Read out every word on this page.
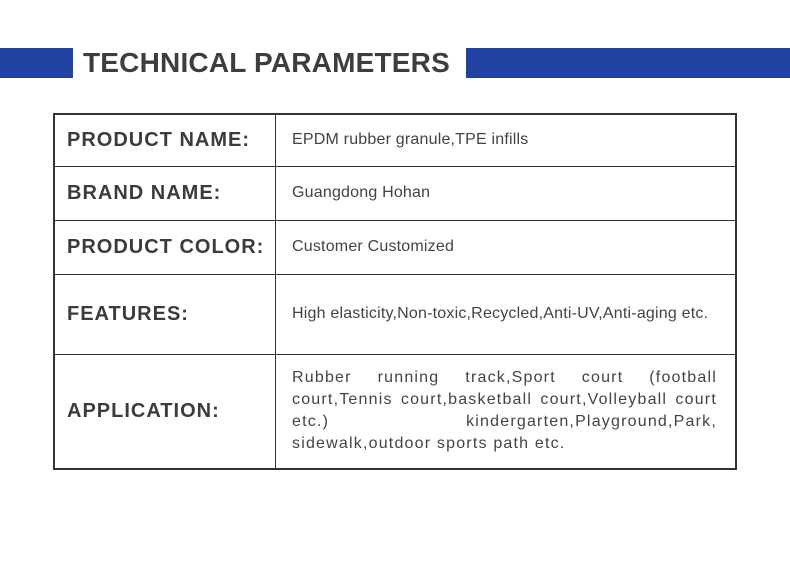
TECHNICAL PARAMETERS
PRODUCT NAME:	EPDM rubber granule,TPE infills
BRAND NAME:	Guangdong Hohan
PRODUCT COLOR:	Customer Customized
FEATURES:	High elasticity,Non-toxic,Recycled,Anti-UV,Anti-aging etc.
APPLICATION:	Rubber running track,Sport court (football court,Tennis court,basketball court,Volleyball court etc.) kindergarten,Playground,Park, sidewalk,outdoor sports path etc.
